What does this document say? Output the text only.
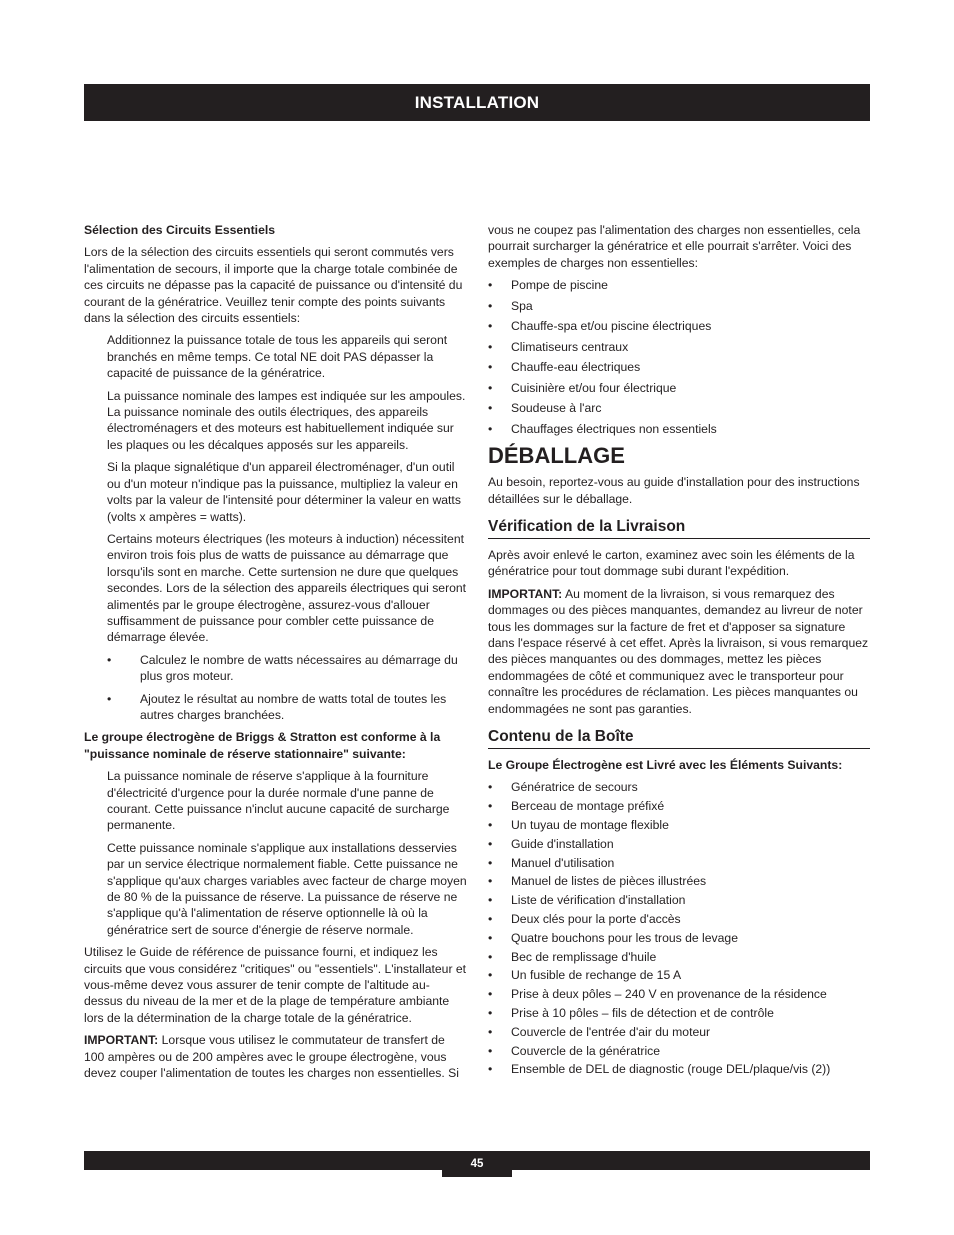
INSTALLATION

Sélection des Circuits Essentiels

Lors de la sélection des circuits essentiels qui seront commutés vers l'alimentation de secours, il importe que la charge totale combinée de ces circuits ne dépasse pas la capacité de puissance ou d'intensité du courant de la génératrice. Veuillez tenir compte des points suivants dans la sélection des circuits essentiels:

Additionnez la puissance totale de tous les appareils qui seront branchés en même temps. Ce total NE doit PAS dépasser la capacité de puissance de la génératrice.

La puissance nominale des lampes est indiquée sur les ampoules. La puissance nominale des outils électriques, des appareils électroménagers et des moteurs est habituellement indiquée sur les plaques ou les décalques apposés sur les appareils.

Si la plaque signalétique d'un appareil électroménager, d'un outil ou d'un moteur n'indique pas la puissance, multipliez la valeur en volts par la valeur de l'intensité pour déterminer la valeur en watts (volts x ampères = watts).

Certains moteurs électriques (les moteurs à induction) nécessitent environ trois fois plus de watts de puissance au démarrage que lorsqu'ils sont en marche. Cette surtension ne dure que quelques secondes. Lors de la sélection des appareils électriques qui seront alimentés par le groupe électrogène, assurez-vous d'allouer suffisamment de puissance pour combler cette puissance de démarrage élevée.

• Calculez le nombre de watts nécessaires au démarrage du plus gros moteur.
• Ajoutez le résultat au nombre de watts total de toutes les autres charges branchées.

Le groupe électrogène de Briggs & Stratton est conforme à la "puissance nominale de réserve stationnaire" suivante:

La puissance nominale de réserve s'applique à la fourniture d'électricité d'urgence pour la durée normale d'une panne de courant. Cette puissance n'inclut aucune capacité de surcharge permanente.

Cette puissance nominale s'applique aux installations desservies par un service électrique normalement fiable. Cette puissance ne s'applique qu'aux charges variables avec facteur de charge moyen de 80 % de la puissance de réserve. La puissance de réserve ne s'applique qu'à l'alimentation de réserve optionnelle là où la génératrice sert de source d'énergie de réserve normale.

Utilisez le Guide de référence de puissance fourni, et indiquez les circuits que vous considérez "critiques" ou "essentiels". L'installateur et vous-même devez vous assurer de tenir compte de l'altitude au-dessus du niveau de la mer et de la plage de température ambiante lors de la détermination de la charge totale de la génératrice.

IMPORTANT: Lorsque vous utilisez le commutateur de transfert de 100 ampères ou de 200 ampères avec le groupe électrogène, vous devez couper l'alimentation de toutes les charges non essentielles. Si

vous ne coupez pas l'alimentation des charges non essentielles, cela pourrait surcharger la génératrice et elle pourrait s'arrêter. Voici des exemples de charges non essentielles:

• Pompe de piscine
• Spa
• Chauffe-spa et/ou piscine électriques
• Climatiseurs centraux
• Chauffe-eau électriques
• Cuisinière et/ou four électrique
• Soudeuse à l'arc
• Chauffages électriques non essentiels
DÉBALLAGE

Au besoin, reportez-vous au guide d'installation pour des instructions détaillées sur le déballage.

Vérification de la Livraison

Après avoir enlevé le carton, examinez avec soin les éléments de la génératrice pour tout dommage subi durant l'expédition.

IMPORTANT: Au moment de la livraison, si vous remarquez des dommages ou des pièces manquantes, demandez au livreur de noter tous les dommages sur la facture de fret et d'apposer sa signature dans l'espace réservé à cet effet. Après la livraison, si vous remarquez des pièces manquantes ou des dommages, mettez les pièces endommagées de côté et communiquez avec le transporteur pour connaître les procédures de réclamation. Les pièces manquantes ou endommagées ne sont pas garanties.

Contenu de la Boîte

Le Groupe Électrogène est Livré avec les Éléments Suivants:

• Génératrice de secours
• Berceau de montage préfixé
• Un tuyau de montage flexible
• Guide d'installation
• Manuel d'utilisation
• Manuel de listes de pièces illustrées
• Liste de vérification d'installation
• Deux clés pour la porte d'accès
• Quatre bouchons pour les trous de levage
• Bec de remplissage d'huile
• Un fusible de rechange de 15 A
• Prise à deux pôles – 240 V en provenance de la résidence
• Prise à 10 pôles – fils de détection et de contrôle
• Couvercle de l'entrée d'air du moteur
• Couvercle de la génératrice
• Ensemble de DEL de diagnostic (rouge DEL/plaque/vis (2))
45
